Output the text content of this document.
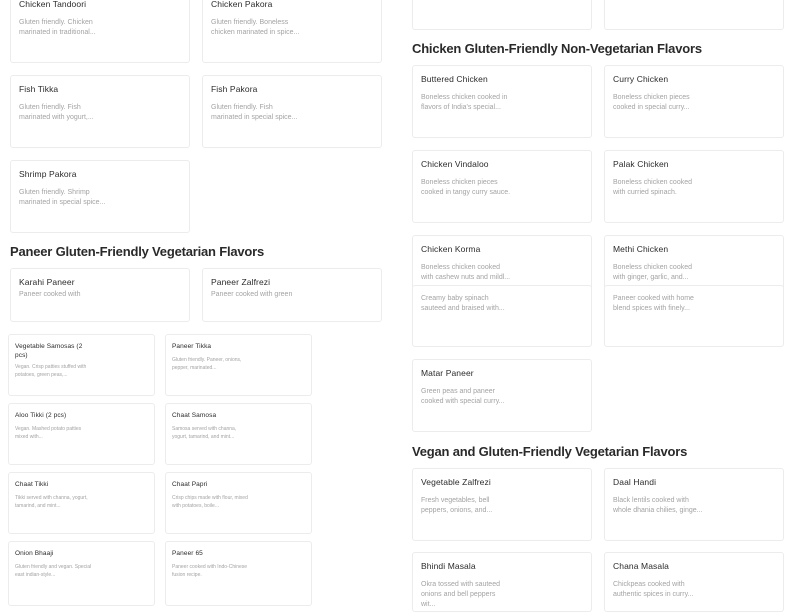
Chicken Tandoori
Gluten friendly. Chicken marinated in traditional...
Chicken Pakora
Gluten friendly. Boneless chicken marinated in spice...
Fish Tikka
Gluten friendly. Fish marinated with yogurt,...
Fish Pakora
Gluten friendly. Fish marinated in special spice...
Shrimp Pakora
Gluten friendly. Shrimp marinated in special spice...
Paneer Gluten-Friendly Vegetarian Flavors
Karahi Paneer
Paneer cooked with
Paneer Zalfrezi
Paneer cooked with green
Vegetable Samosas (2 pcs)
Vegan. Crisp patties stuffed with potatoes, green peas,...
Paneer Tikka
Gluten friendly. Paneer, onions, pepper, marinated...
Aloo Tikki (2 pcs)
Vegan. Mashed potato patties mixed with...
Chaat Samosa
Samosa served with channa, yogurt, tamarind, and mint...
Chaat Tikki
Tikki served with channa, yogurt, tamarind, and mint...
Chaat Papri
Crisp chips made with flour, mixed with potatoes, boile...
Onion Bhaaji
Gluten friendly and vegan. Special east indian-style...
Paneer 65
Paneer cooked with Indo-Chinese fusion recipe.
Chicken Gluten-Friendly Non-Vegetarian Flavors
Buttered Chicken
Boneless chicken cooked in flavors of India's special...
Curry Chicken
Boneless chicken pieces cooked in special curry...
Chicken Vindaloo
Boneless chicken pieces cooked in tangy curry sauce.
Palak Chicken
Boneless chicken cooked with curried spinach.
Chicken Korma
Boneless chicken cooked with cashew nuts and mildl...
Methi Chicken
Boneless chicken cooked with ginger, garlic, and...
Creamy baby spinach sauteed and braised with...
Paneer cooked with home blend spices with finely...
Matar Paneer
Green peas and paneer cooked with special curry...
Vegan and Gluten-Friendly Vegetarian Flavors
Vegetable Zalfrezi
Fresh vegetables, bell peppers, onions, and...
Daal Handi
Black lentils cooked with whole dhania chilies, ginge...
Bhindi Masala
Okra tossed with sauteed onions and bell peppers wit...
Chana Masala
Chickpeas cooked with authentic spices in curry...
